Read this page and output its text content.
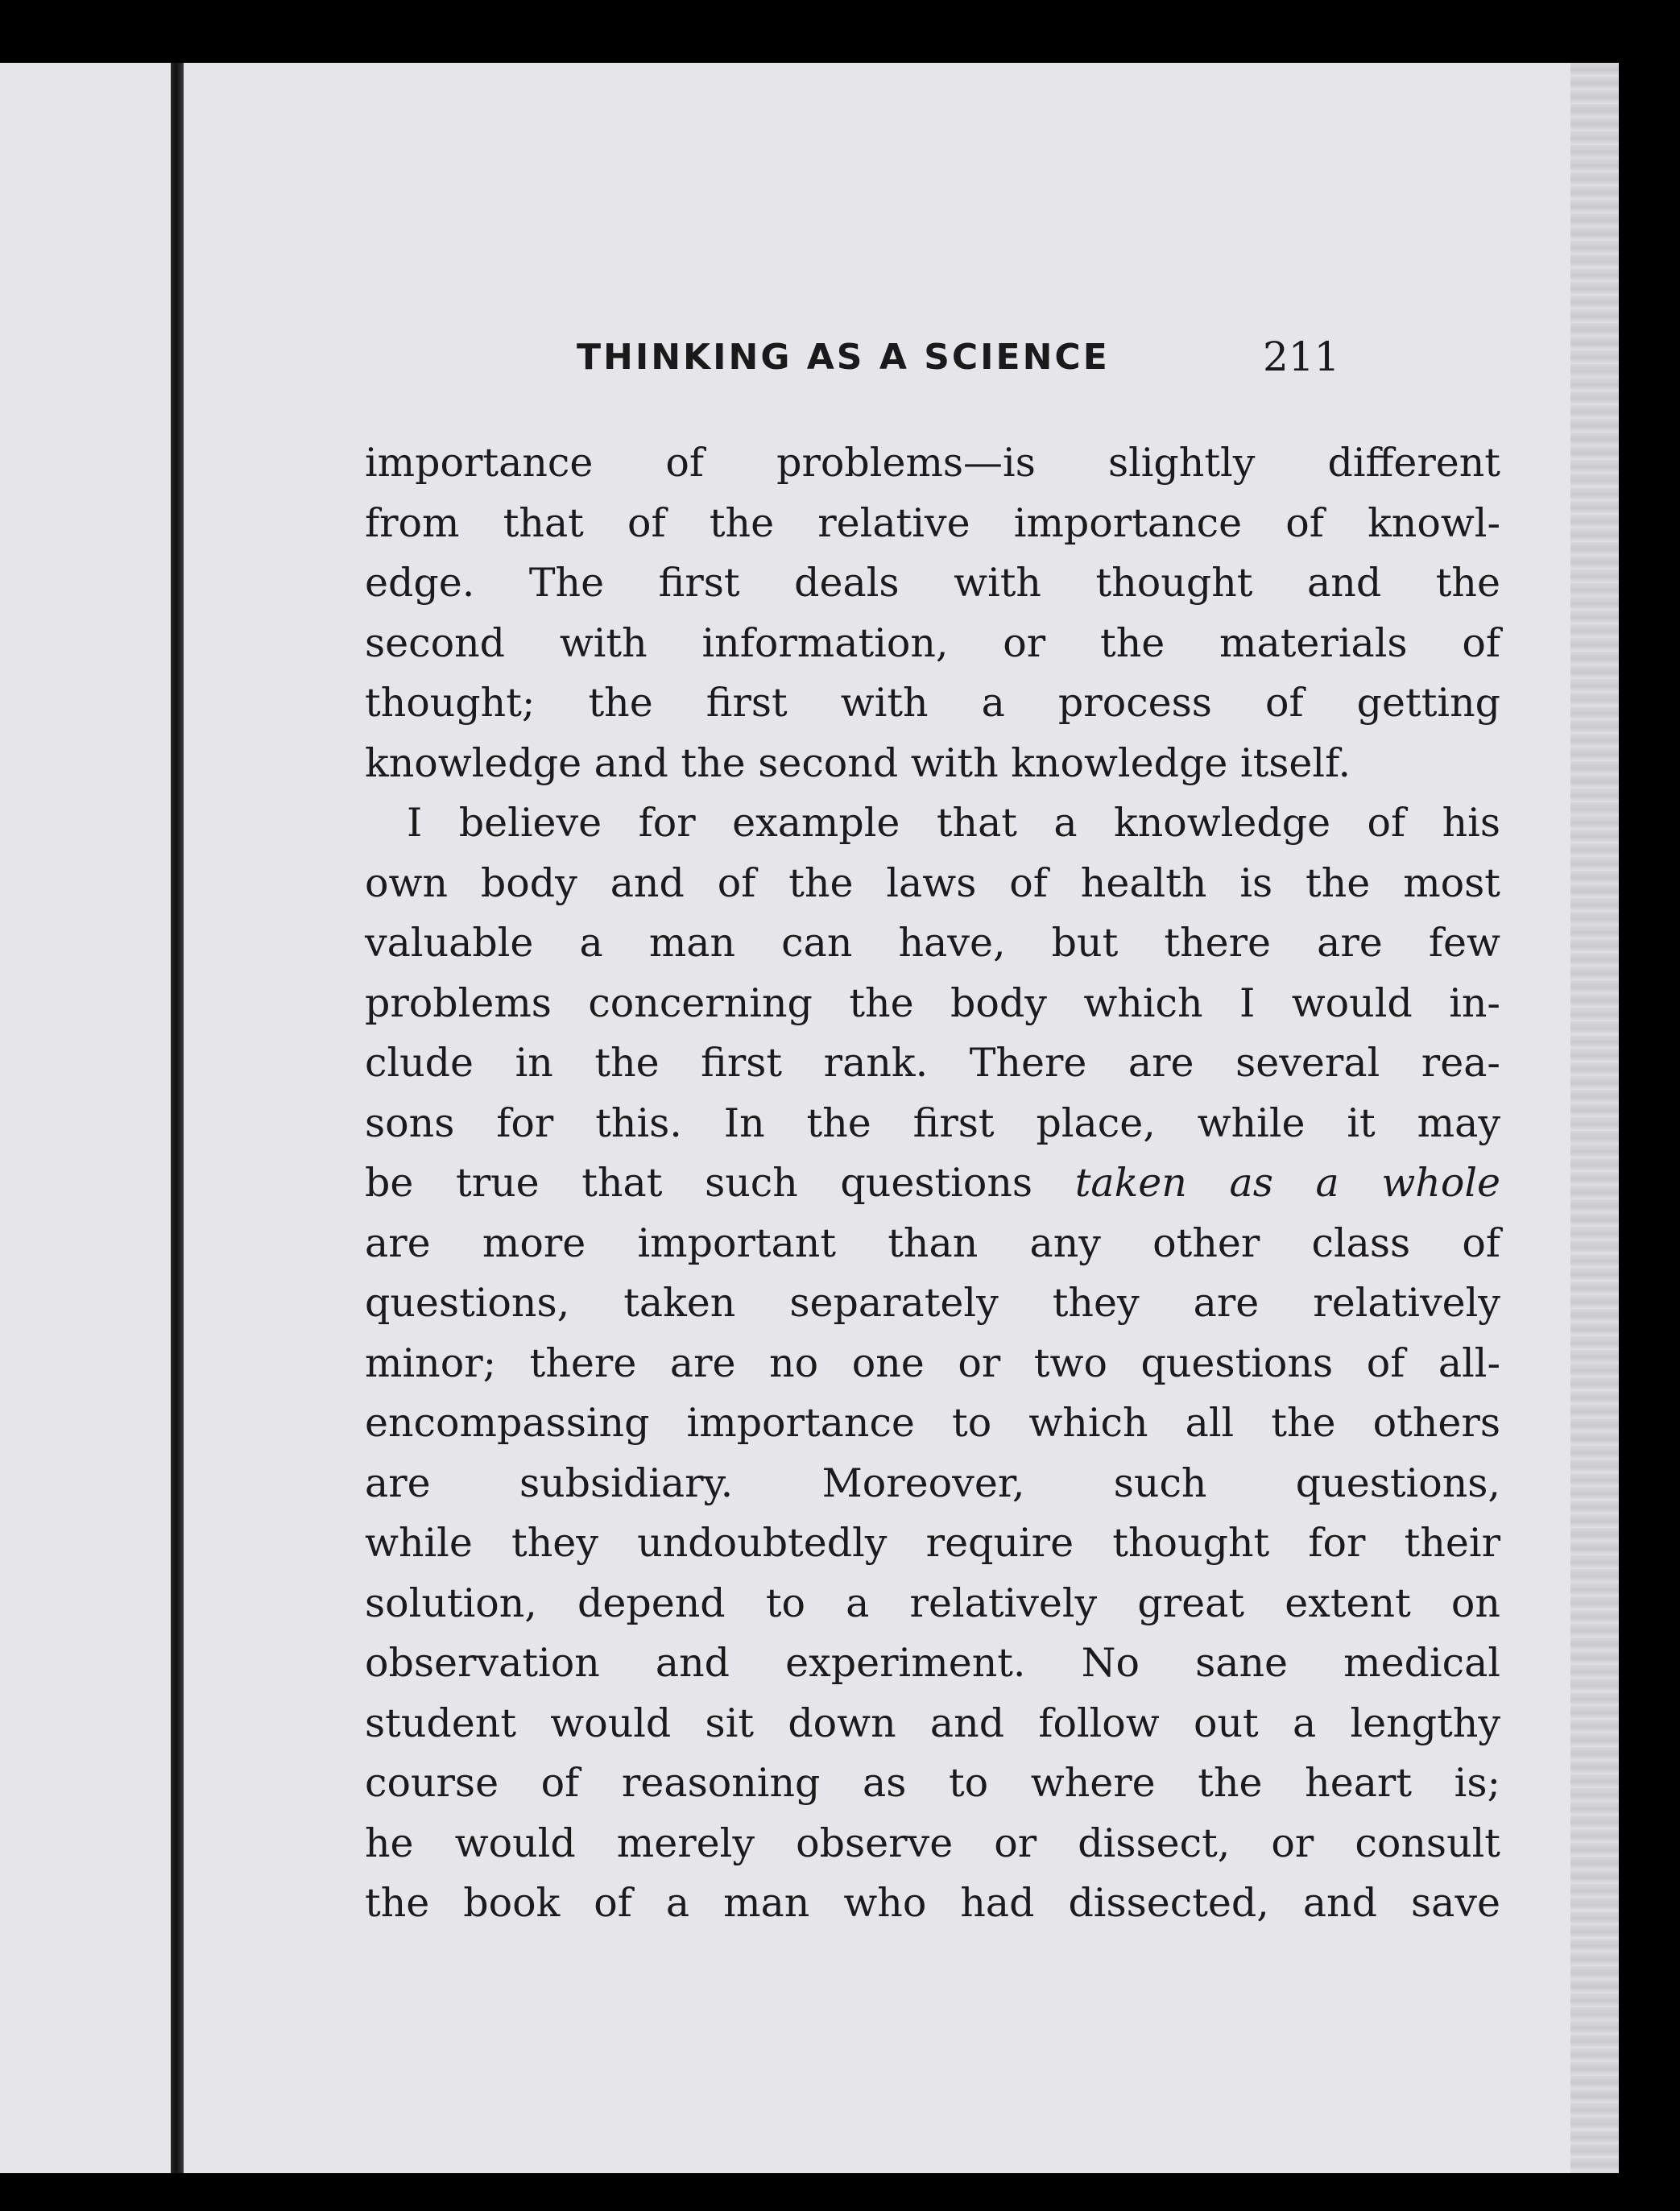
THINKING AS A SCIENCE	211
importance of problems—is slightly different
from that of the relative importance of knowl-
edge. The first deals with thought and the
second with information, or the materials of
thought; the first with a process of getting
knowledge and the second with knowledge itself.
I believe for example that a knowledge of his
own body and of the laws of health is the most
valuable a man can have, but there are few
problems concerning the body which I would in-
clude in the first rank. There are several rea-
sons for this. In the first place, while it may
be true that such questions taken as a whole
are more important than any other class of
questions, taken separately they are relatively
minor; there are no one or two questions of all-
encompassing importance to which all the others
are subsidiary. Moreover, such questions,
while they undoubtedly require thought for their
solution, depend to a relatively great extent on
observation and experiment. No sane medical
student would sit down and follow out a lengthy
course of reasoning as to where the heart is;
he would merely observe or dissect, or consult
the book of a man who had dissected, and save
